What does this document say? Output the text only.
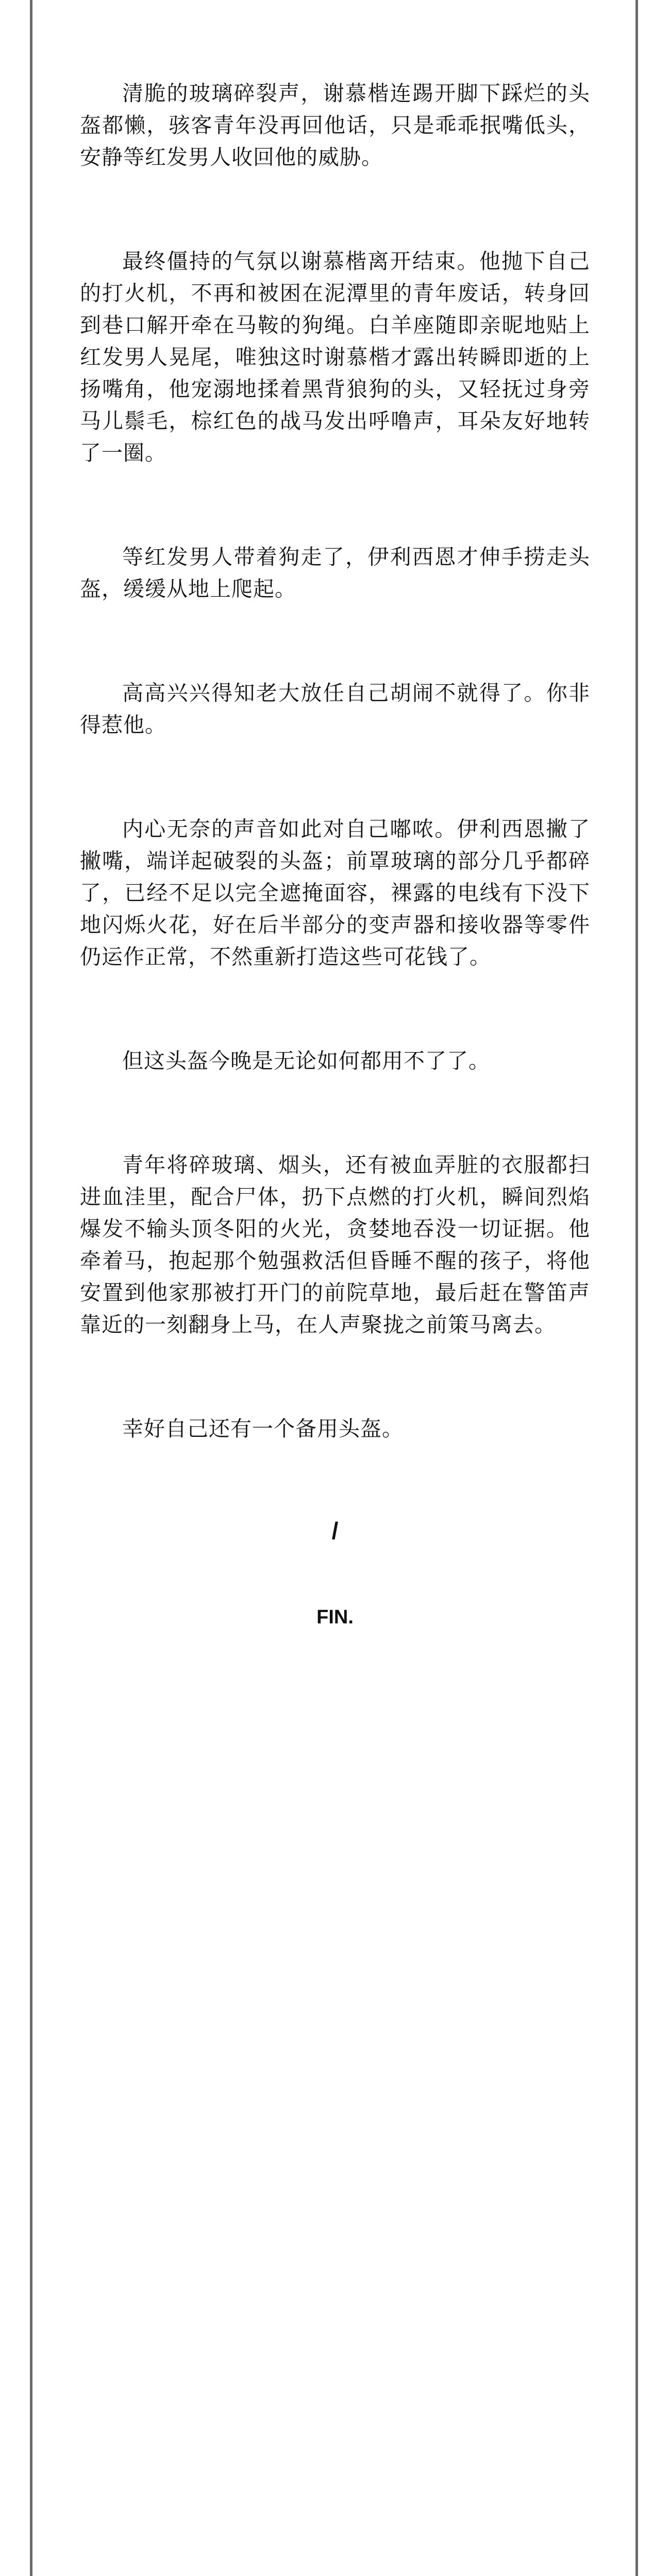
清脆的玻璃碎裂声，谢慕楷连踢开脚下踩烂的头盔都懒，骇客青年没再回他话，只是乖乖抿嘴低头，安静等红发男人收回他的威胁。

最终僵持的气氛以谢慕楷离开结束。他抛下自己的打火机，不再和被困在泥潭里的青年废话，转身回到巷口解开牵在马鞍的狗绳。白羊座随即亲昵地贴上红发男人晃尾，唯独这时谢慕楷才露出转瞬即逝的上扬嘴角，他宠溺地揉着黑背狼狗的头，又轻抚过身旁马儿鬃毛，棕红色的战马发出呼噜声，耳朵友好地转了一圈。

等红发男人带着狗走了，伊利西恩才伸手捞走头盔，缓缓从地上爬起。

高高兴兴得知老大放任自己胡闹不就得了。你非得惹他。

内心无奈的声音如此对自己嘟哝。伊利西恩撇了撇嘴，端详起破裂的头盔；前罩玻璃的部分几乎都碎了，已经不足以完全遮掩面容，裸露的电线有下没下地闪烁火花，好在后半部分的变声器和接收器等零件仍运作正常，不然重新打造这些可花钱了。

但这头盔今晚是无论如何都用不了了。

青年将碎玻璃、烟头，还有被血弄脏的衣服都扫进血洼里，配合尸体，扔下点燃的打火机，瞬间烈焰爆发不输头顶冬阳的火光，贪婪地吞没一切证据。他牵着马，抱起那个勉强救活但昏睡不醒的孩子，将他安置到他家那被打开门的前院草地，最后赶在警笛声靠近的一刻翻身上马，在人声聚拢之前策马离去。

幸好自己还有一个备用头盔。

/
FIN.
